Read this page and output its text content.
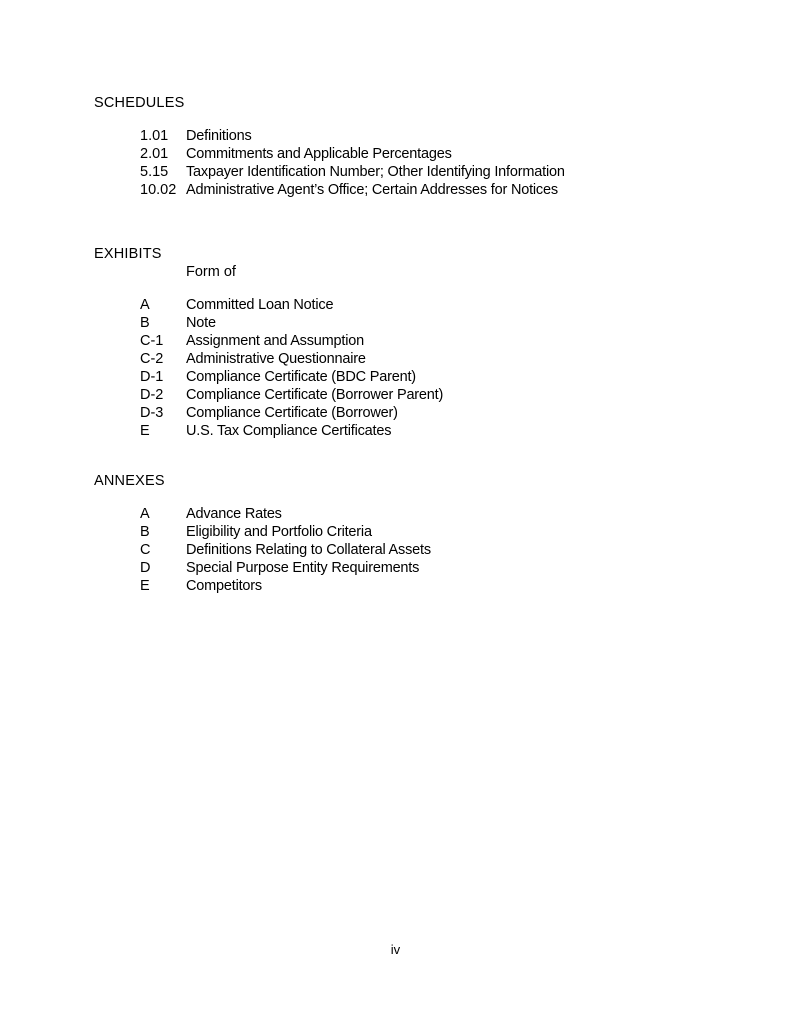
SCHEDULES
1.01	Definitions
2.01	Commitments and Applicable Percentages
5.15	Taxpayer Identification Number; Other Identifying Information
10.02 Administrative Agent’s Office; Certain Addresses for Notices
EXHIBITS
Form of
A	Committed Loan Notice
B	Note
C-1	Assignment and Assumption
C-2	Administrative Questionnaire
D-1	Compliance Certificate (BDC Parent)
D-2	Compliance Certificate (Borrower Parent)
D-3	Compliance Certificate (Borrower)
E	U.S. Tax Compliance Certificates
ANNEXES
A	Advance Rates
B	Eligibility and Portfolio Criteria
C	Definitions Relating to Collateral Assets
D	Special Purpose Entity Requirements
E	Competitors
iv
